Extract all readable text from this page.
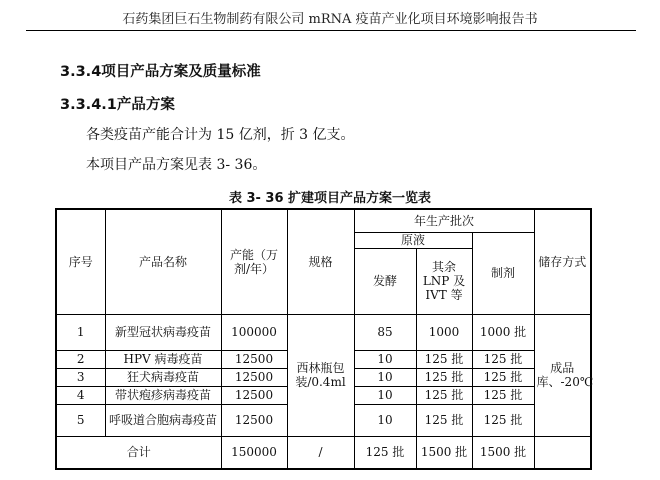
石药集团巨石生物制药有限公司 mRNA 疫苗产业化项目环境影响报告书
3.3.4项目产品方案及质量标准
3.3.4.1产品方案
各类疫苗产能合计为 15 亿剂，折 3 亿支。
本项目产品方案见表 3- 36。
表 3- 36 扩建项目产品方案一览表
序号	产品名称	产能（万剂/年）	规格	年生产批次			储存方式
				原液		制剂	
				发酵	其余 LNP 及 IVT 等		
1	新型冠状病毒疫苗	100000	西林瓶包装/0.4ml	85	1000	1000 批	成品库、-20℃
2	HPV 病毒疫苗	12500		10	125 批	125 批	
3	狂犬病毒疫苗	12500		10	125 批	125 批	
4	带状疱疹病毒疫苗	12500		10	125 批	125 批	
5	呼吸道合胞病毒疫苗	12500		10	125 批	125 批	
合计		150000	/	125 批	1500 批	1500 批	
